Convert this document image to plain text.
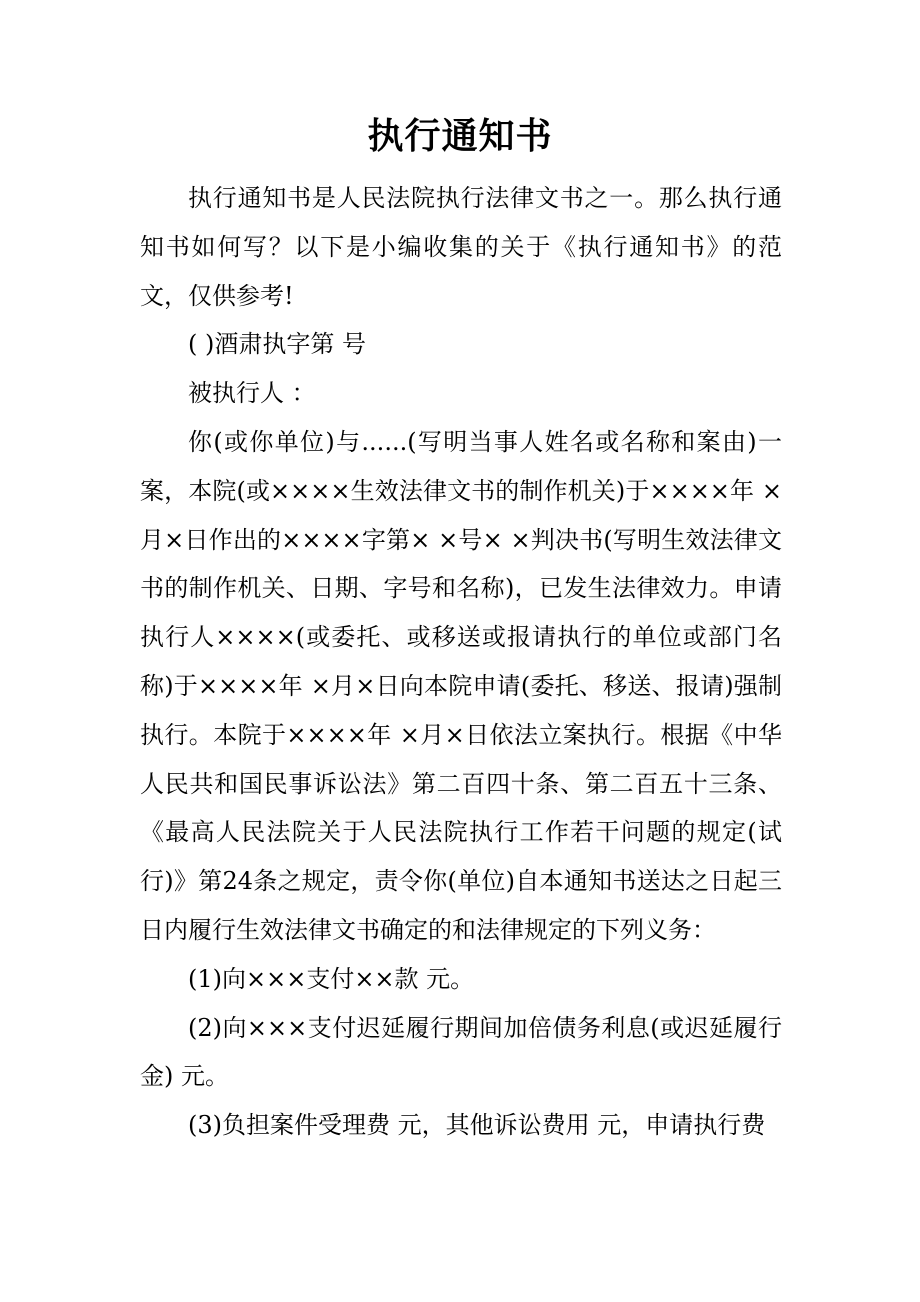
执行通知书

执行通知书是人民法院执行法律文书之一。那么执行通知书如何写？以下是小编收集的关于《执行通知书》的范文，仅供参考!

( )酒肃执字第 号

被执行人 ：

你(或你单位)与......(写明当事人姓名或名称和案由)一案，本院(或××××生效法律文书的制作机关)于××××年 ×月×日作出的××××字第× ×号× ×判决书(写明生效法律文书的制作机关、日期、字号和名称)，已发生法律效力。申请执行人××××(或委托、或移送或报请执行的单位或部门名称)于××××年 ×月×日向本院申请(委托、移送、报请)强制执行。本院于××××年 ×月×日依法立案执行。根据《中华人民共和国民事诉讼法》第二百四十条、第二百五十三条、《最高人民法院关于人民法院执行工作若干问题的规定(试行)》第24条之规定，责令你(单位)自本通知书送达之日起三日内履行生效法律文书确定的和法律规定的下列义务：

(1)向×××支付××款 元。

(2)向×××支付迟延履行期间加倍债务利息(或迟延履行金) 元。

(3)负担案件受理费 元，其他诉讼费用 元，申请执行费
